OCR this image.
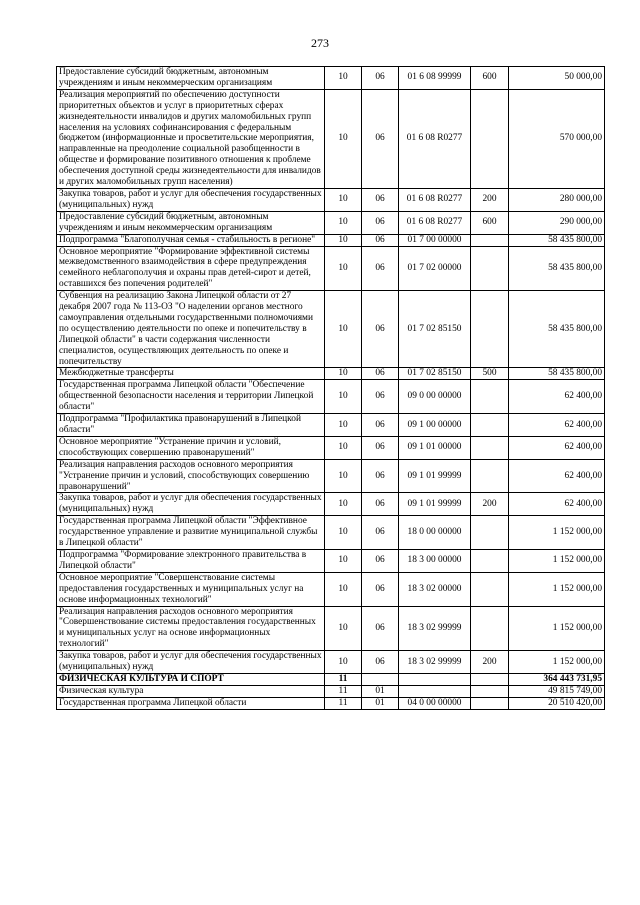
273
Предоставление субсидий бюджетным, автономным учреждениям и иным некоммерческим организациям	10	06	01 6 08 99999	600	50 000,00
Реализация мероприятий по обеспечению доступности приоритетных объектов и услуг в приоритетных сферах жизнедеятельности инвалидов и других маломобильных групп населения на условиях софинансирования с федеральным бюджетом (информационные и просветительские мероприятия, направленные на преодоление социальной разобщенности в обществе и формирование позитивного отношения к проблеме обеспечения доступной среды жизнедеятельности для инвалидов и других маломобильных групп населения)	10	06	01 6 08 R0277		570 000,00
Закупка товаров, работ и услуг для обеспечения государственных (муниципальных) нужд	10	06	01 6 08 R0277	200	280 000,00
Предоставление субсидий бюджетным, автономным учреждениям и иным некоммерческим организациям	10	06	01 6 08 R0277	600	290 000,00
Подпрограмма "Благополучная семья - стабильность в регионе"	10	06	01 7 00 00000		58 435 800,00
Основное мероприятие "Формирование эффективной системы межведомственного взаимодействия в сфере предупреждения семейного неблагополучия и охраны прав детей-сирот и детей, оставшихся без попечения родителей"	10	06	01 7 02 00000		58 435 800,00
Субвенция на реализацию Закона Липецкой области от 27 декабря 2007 года № 113-ОЗ "О наделении органов местного самоуправления отдельными государственными полномочиями по осуществлению деятельности по опеке и попечительству в Липецкой области" в части содержания численности специалистов, осуществляющих деятельность по опеке и попечительству	10	06	01 7 02 85150		58 435 800,00
Межбюджетные трансферты	10	06	01 7 02 85150	500	58 435 800,00
Государственная программа Липецкой области "Обеспечение общественной безопасности населения и территории Липецкой области"	10	06	09 0 00 00000		62 400,00
Подпрограмма "Профилактика правонарушений в Липецкой области"	10	06	09 1 00 00000		62 400,00
Основное мероприятие "Устранение причин и условий, способствующих совершению правонарушений"	10	06	09 1 01 00000		62 400,00
Реализация направления расходов основного мероприятия "Устранение причин и условий, способствующих совершению правонарушений"	10	06	09 1 01 99999		62 400,00
Закупка товаров, работ и услуг для обеспечения государственных (муниципальных) нужд	10	06	09 1 01 99999	200	62 400,00
Государственная программа Липецкой области "Эффективное государственное управление и развитие муниципальной службы в Липецкой области"	10	06	18 0 00 00000		1 152 000,00
Подпрограмма "Формирование электронного правительства в Липецкой области"	10	06	18 3 00 00000		1 152 000,00
Основное мероприятие "Совершенствование системы предоставления государственных и муниципальных услуг на основе информационных технологий"	10	06	18 3 02 00000		1 152 000,00
Реализация направления расходов основного мероприятия "Совершенствование системы предоставления государственных и муниципальных услуг на основе информационных технологий"	10	06	18 3 02 99999		1 152 000,00
Закупка товаров, работ и услуг для обеспечения государственных (муниципальных) нужд	10	06	18 3 02 99999	200	1 152 000,00
ФИЗИЧЕСКАЯ КУЛЬТУРА И СПОРТ	11				364 443 731,95
Физическая культура	11	01			49 815 749,00
Государственная программа Липецкой области	11	01	04 0 00 00000		20 510 420,00
